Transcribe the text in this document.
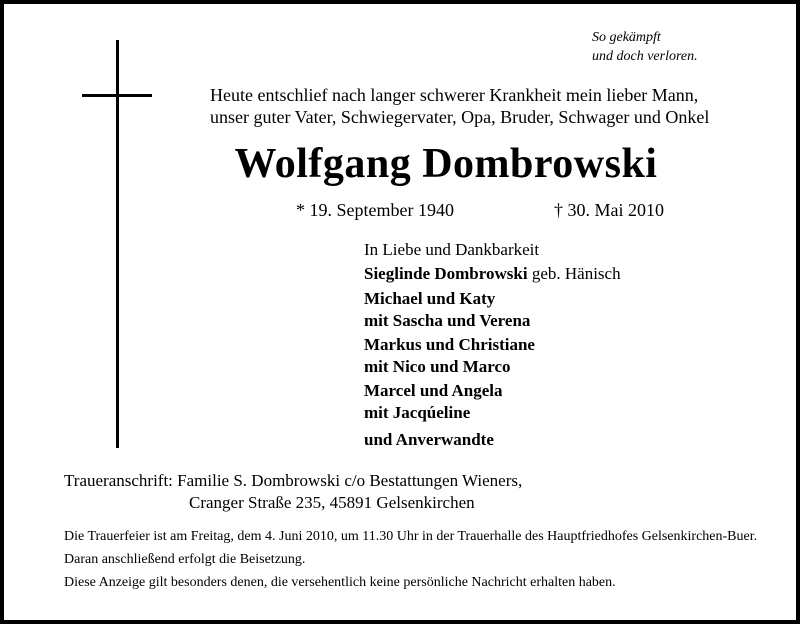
So gekämpft
und doch verloren.
Heute entschlief nach langer schwerer Krankheit mein lieber Mann,
unser guter Vater, Schwiegervater, Opa, Bruder, Schwager und Onkel
Wolfgang Dombrowski
* 19. September 1940	† 30. Mai 2010
In Liebe und Dankbarkeit
Sieglinde Dombrowski geb. Hänisch
Michael und Katy
mit Sascha und Verena
Markus und Christiane
mit Nico und Marco
Marcel und Angela
mit Jacqúeline
und Anverwandte
Traueranschrift: Familie S. Dombrowski c/o Bestattungen Wieners,
Cranger Straße 235, 45891 Gelsenkirchen

Die Trauerfeier ist am Freitag, dem 4. Juni 2010, um 11.30 Uhr in der Trauerhalle des Hauptfriedhofes Gelsenkirchen-Buer.

Daran anschließend erfolgt die Beisetzung.

Diese Anzeige gilt besonders denen, die versehentlich keine persönliche Nachricht erhalten haben.
